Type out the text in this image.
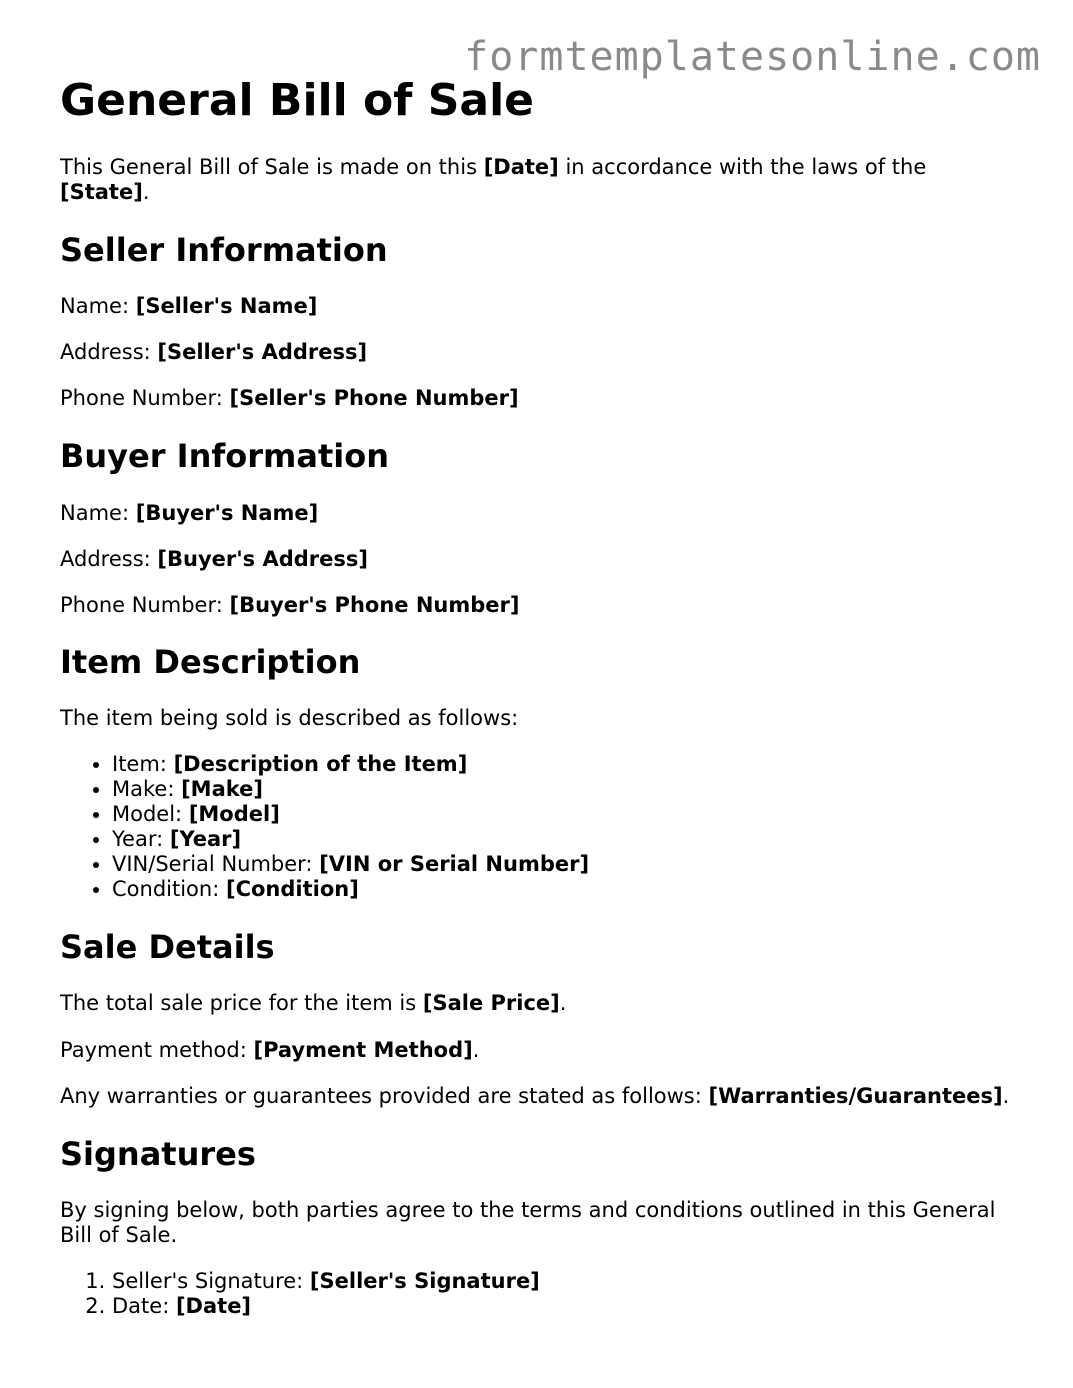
formtemplatesonline.com
General Bill of Sale

This General Bill of Sale is made on this [Date] in accordance with the laws of the
[State].

Seller Information

Name: [Seller's Name]

Address: [Seller's Address]

Phone Number: [Seller's Phone Number]

Buyer Information

Name: [Buyer's Name]

Address: [Buyer's Address]

Phone Number: [Buyer's Phone Number]

Item Description

The item being sold is described as follows:

• Item: [Description of the Item]
• Make: [Make]
• Model: [Model]
• Year: [Year]
• VIN/Serial Number: [VIN or Serial Number]
• Condition: [Condition]
Sale Details

The total sale price for the item is [Sale Price].

Payment method: [Payment Method].

Any warranties or guarantees provided are stated as follows: [Warranties/Guarantees].

Signatures

By signing below, both parties agree to the terms and conditions outlined in this General Bill of Sale.

1. Seller's Signature: [Seller's Signature]
2. Date: [Date]
